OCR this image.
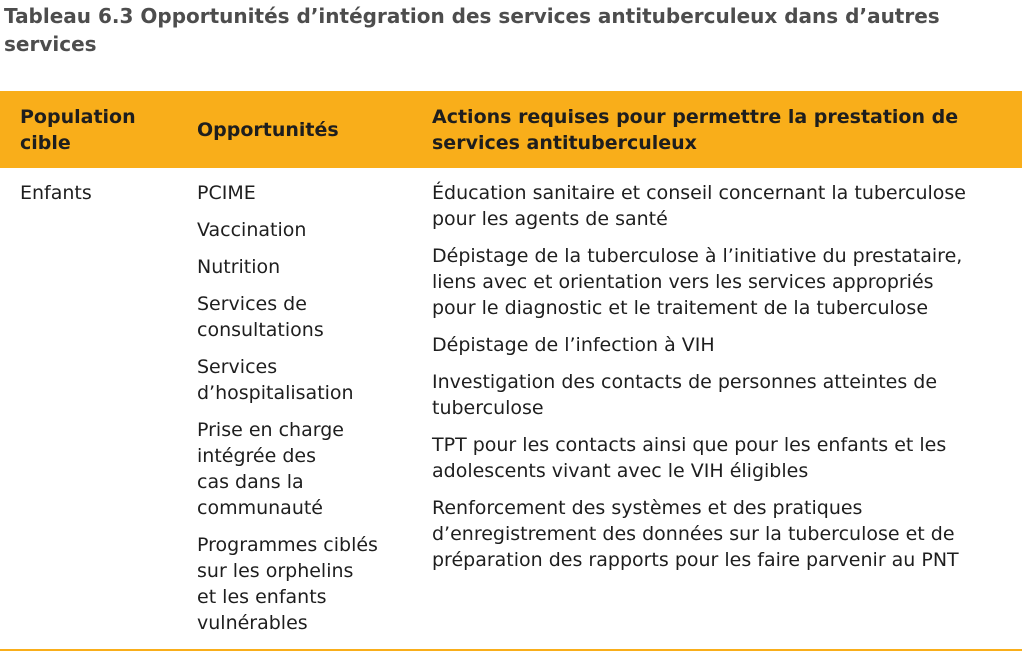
Tableau 6.3 Opportunités d’intégration des services antituberculeux dans d’autres services
Population
cible
Opportunités
Actions requises pour permettre la prestation de
services antituberculeux
Enfants	PCIME
Vaccination
Nutrition
Services de
consultations
Services
d’hospitalisation
Prise en charge
intégrée des
cas dans la
communauté
Programmes ciblés
sur les orphelins
et les enfants
vulnérables
Éducation sanitaire et conseil concernant la tuberculose
pour les agents de santé
Dépistage de la tuberculose à l’initiative du prestataire,
liens avec et orientation vers les services appropriés
pour le diagnostic et le traitement de la tuberculose
Dépistage de l’infection à VIH
Investigation des contacts de personnes atteintes de
tuberculose
TPT pour les contacts ainsi que pour les enfants et les
adolescents vivant avec le VIH éligibles
Renforcement des systèmes et des pratiques
d’enregistrement des données sur la tuberculose et de
préparation des rapports pour les faire parvenir au PNT
